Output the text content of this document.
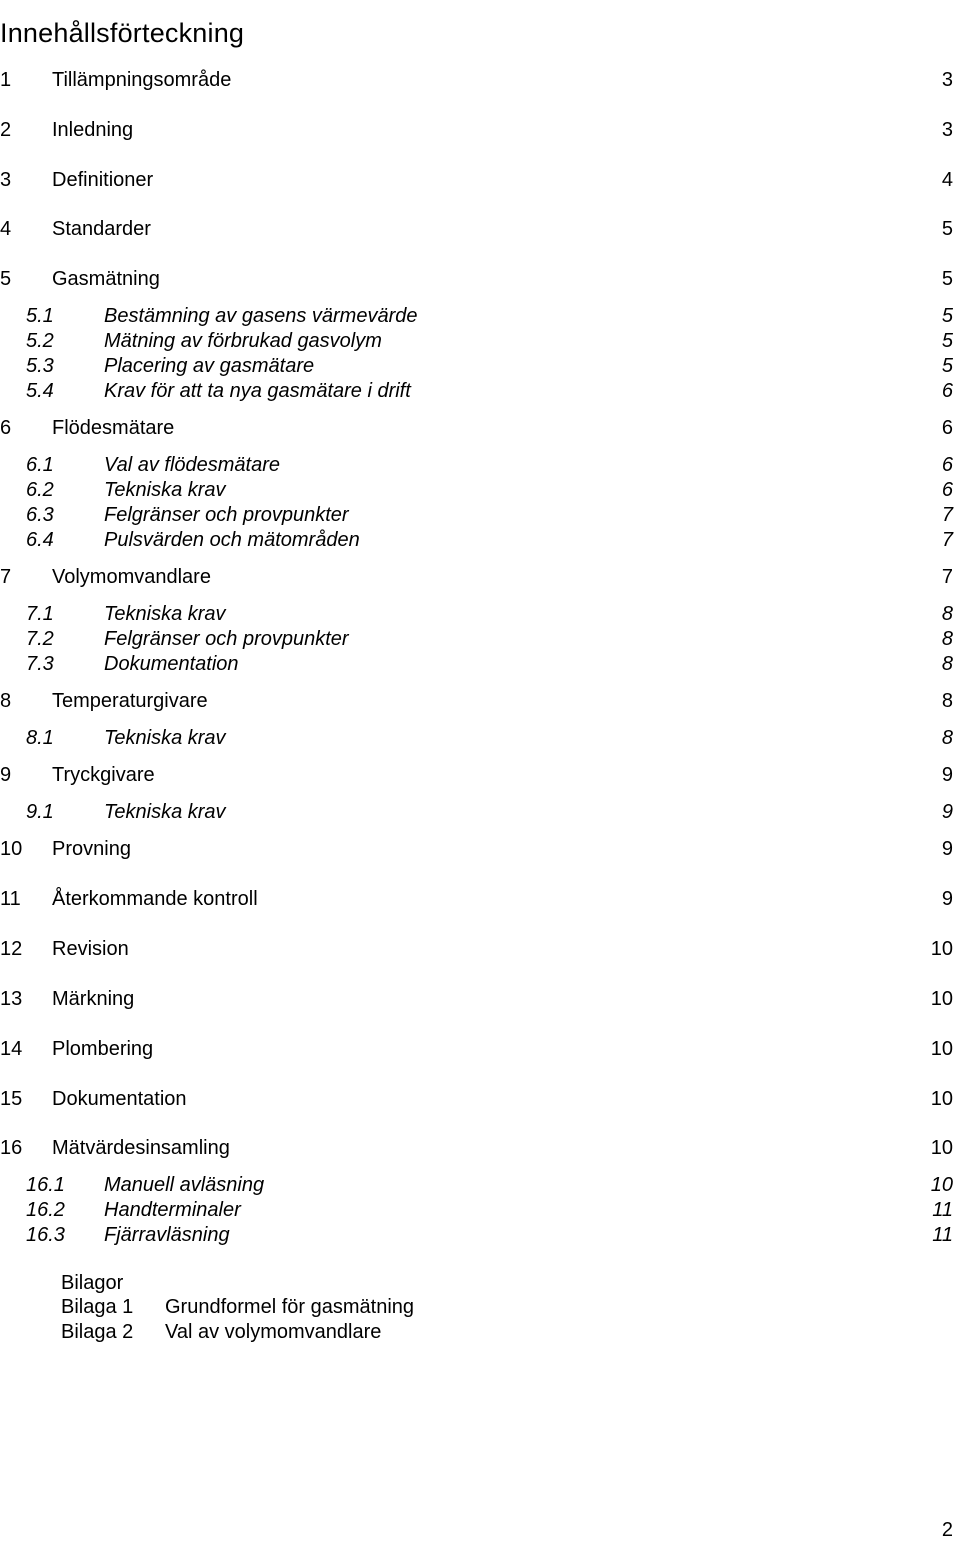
Innehållsförteckning
1 Tillämpningsområde	3
2 Inledning	3
3 Definitioner	4
4 Standarder	5
5 Gasmätning	5
5.1	Bestämning av gasens värmevärde	5
5.2	Mätning av förbrukad gasvolym	5
5.3	Placering av gasmätare	5
5.4	Krav för att ta nya gasmätare i drift	6
6 Flödesmätare	6
6.1	Val av flödesmätare	6
6.2	Tekniska krav	6
6.3	Felgränser och provpunkter	7
6.4	Pulsvärden och mätområden	7
7 Volymomvandlare	7
7.1	Tekniska krav	8
7.2	Felgränser och provpunkter	8
7.3	Dokumentation	8
8 Temperaturgivare	8
8.1	Tekniska krav	8
9 Tryckgivare	9
9.1	Tekniska krav	9
10 Provning	9
11 Återkommande kontroll	9
12 Revision	10
13 Märkning	10
14 Plombering	10
15 Dokumentation	10
16 Mätvärdesinsamling	10
16.1 Manuell avläsning	10
16.2 Handterminaler	11
16.3 Fjärravläsning	11
Bilagor
Bilaga 1 Grundformel för gasmätning
Bilaga 2 Val av volymomvandlare
2
